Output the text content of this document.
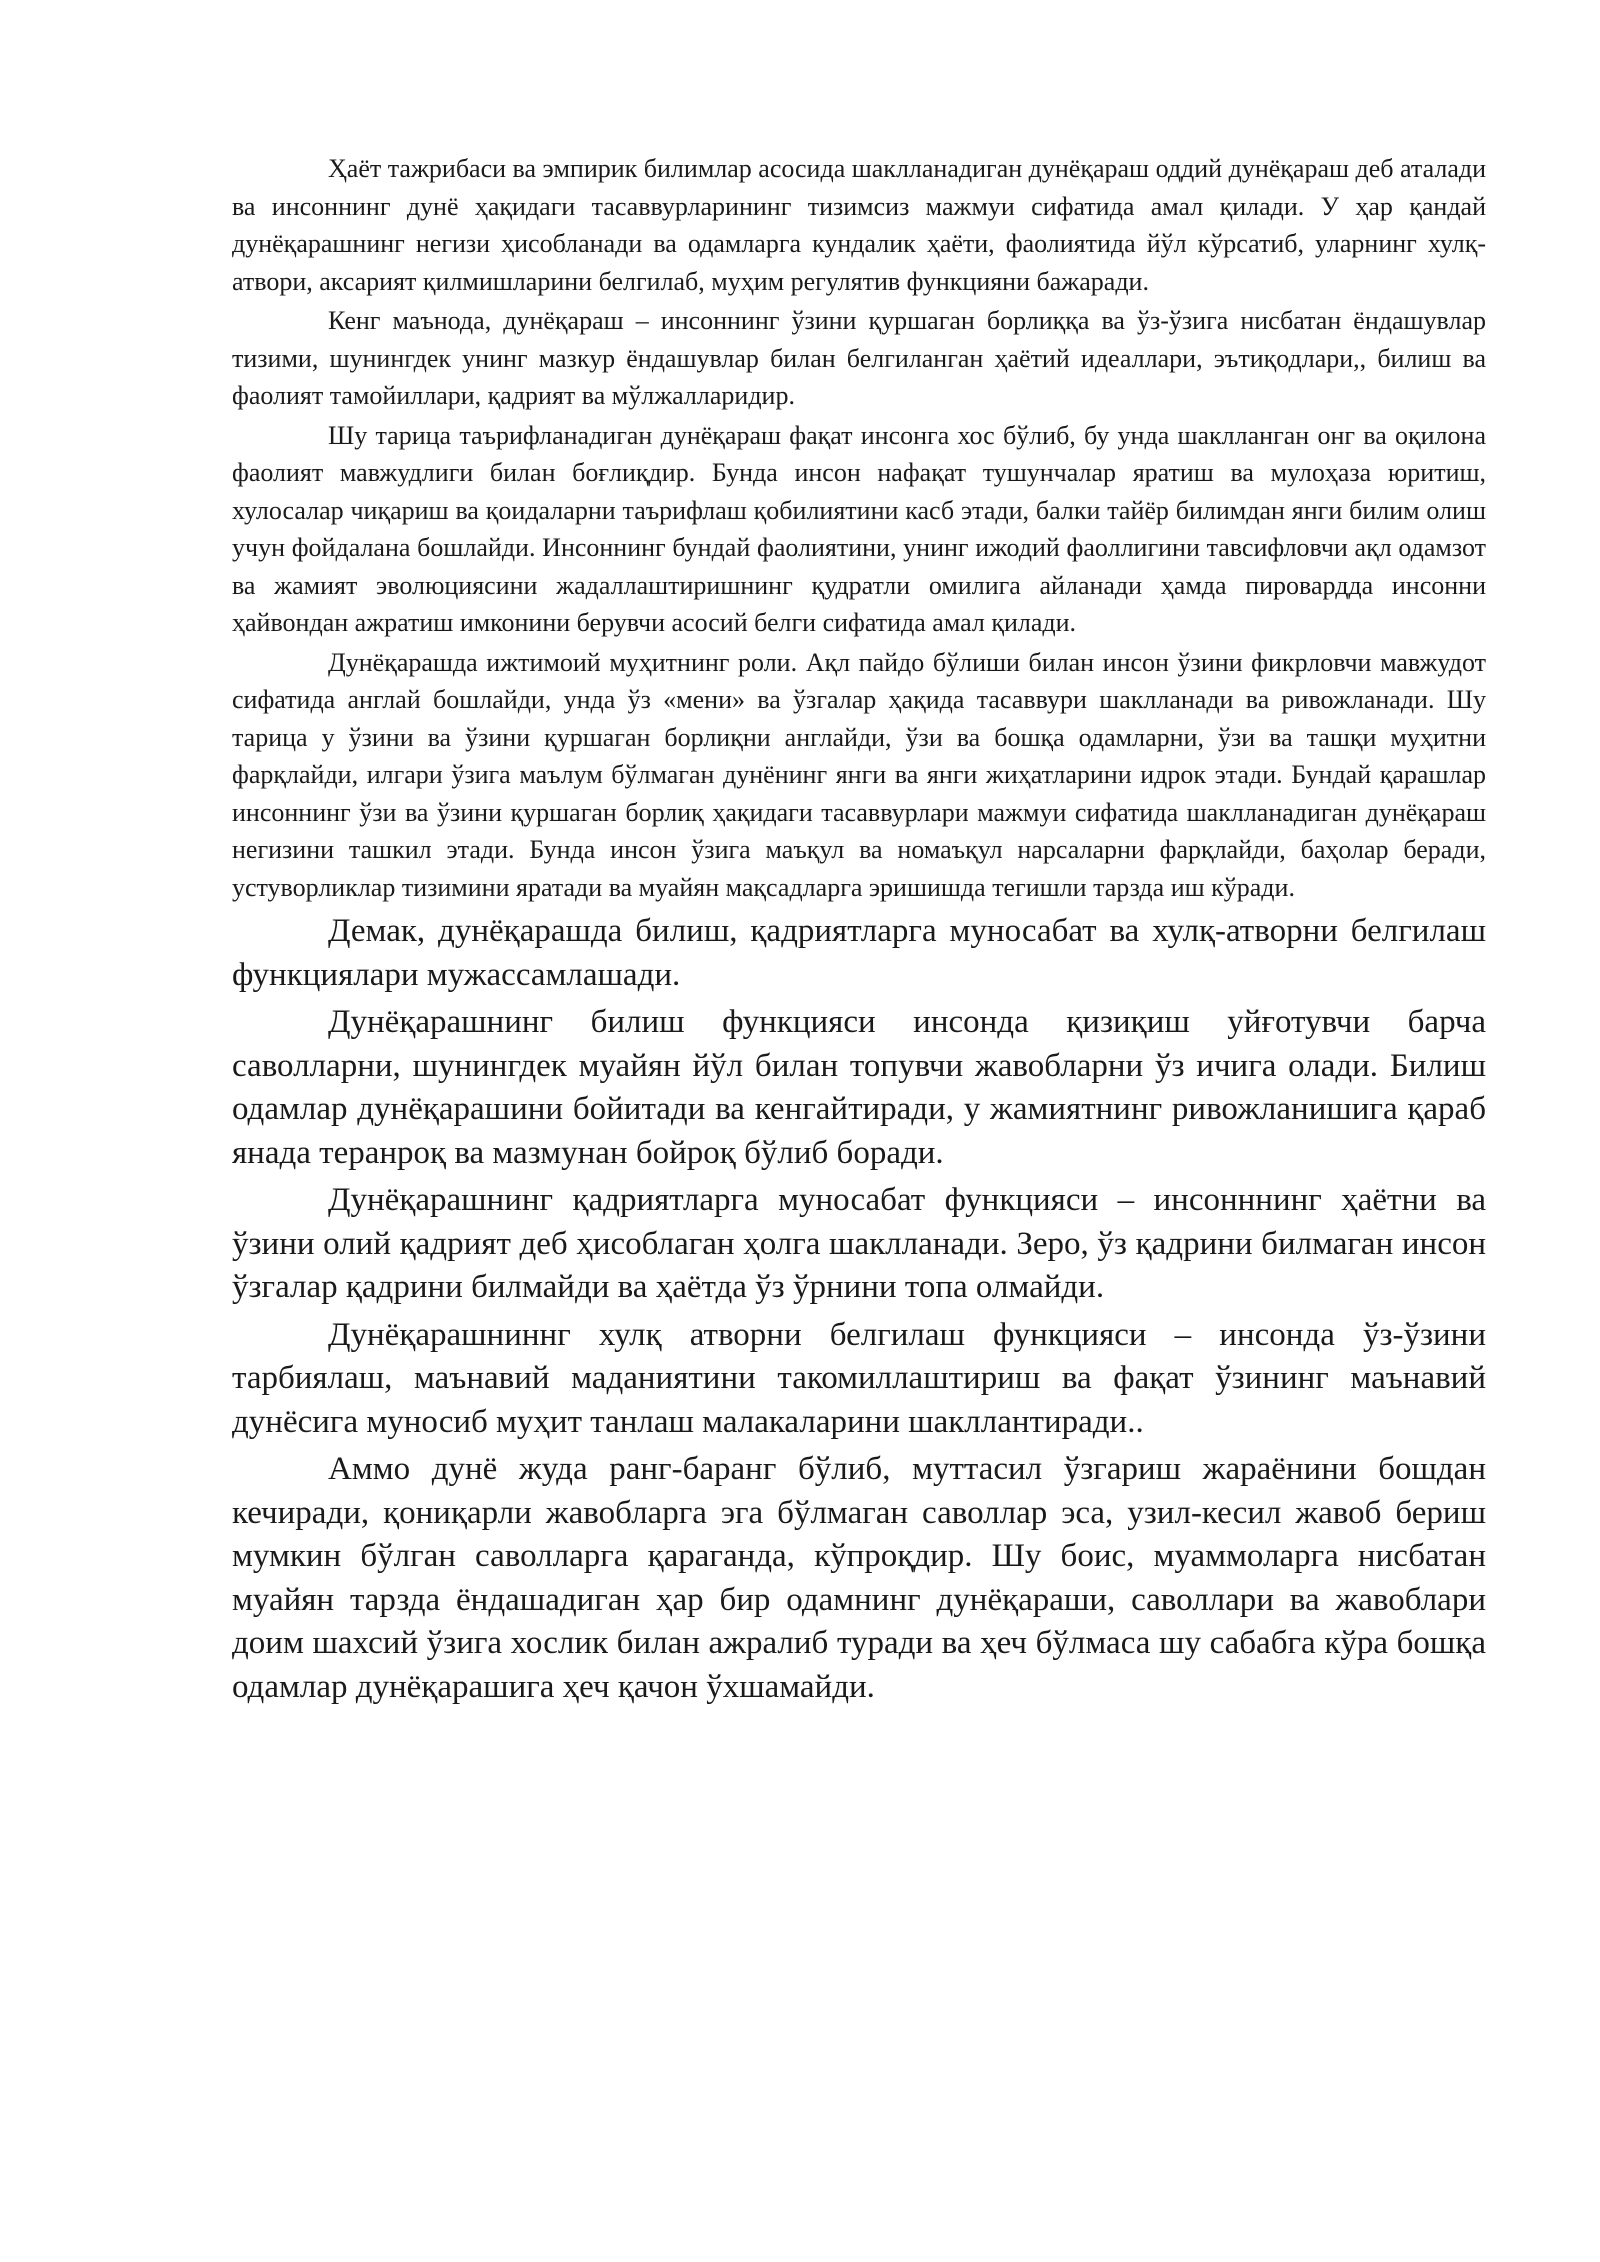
Ҳаёт тажрибаси ва эмпирик билимлар асосида шаклланадиган дунёқараш оддий дунёқараш деб аталади ва инсоннинг дунё ҳақидаги тасаввурларининг тизимсиз мажмуи сифатида амал қилади. У ҳар қандай дунёқарашнинг негизи ҳисобланади ва одамларга кундалик ҳаёти, фаолиятида йўл кўрсатиб, уларнинг хулқ-атвори, аксарият қилмишларини белгилаб, муҳим регулятив функцияни бажаради.

Кенг маънода, дунёқараш – инсоннинг ўзини қуршаган борлиққа ва ўз-ўзига нисбатан ёндашувлар тизими, шунингдек унинг мазкур ёндашувлар билан белгиланган ҳаётий идеаллари, эътиқодлари,, билиш ва фаолият тамойиллари, қадрият ва мўлжалларидир.

Шу тарица таърифланадиган дунёқараш фақат инсонга хос бўлиб, бу унда шаклланган онг ва оқилона фаолият мавжудлиги билан боғлиқдир. Бунда инсон нафақат тушунчалар яратиш ва мулоҳаза юритиш, хулосалар чиқариш ва қоидаларни таърифлаш қобилиятини касб этади, балки тайёр билимдан янги билим олиш учун фойдалана бошлайди. Инсоннинг бундай фаолиятини, унинг ижодий фаоллигини тавсифловчи ақл одамзот ва жамият эволюциясини жадаллаштиришнинг қудратли омилига айланади ҳамда пировардда инсонни ҳайвондан ажратиш имконини берувчи асосий белги сифатида амал қилади.

Дунёқарашда ижтимоий муҳитнинг роли. Ақл пайдо бўлиши билан инсон ўзини фикрловчи мавжудот сифатида англай бошлайди, унда ўз «мени» ва ўзгалар ҳақида тасаввури шаклланади ва ривожланади. Шу тарица у ўзини ва ўзини қуршаган борлиқни англайди, ўзи ва бошқа одамларни, ўзи ва ташқи муҳитни фарқлайди, илгари ўзига маълум бўлмаган дунёнинг янги ва янги жиҳатларини идрок этади. Бундай қарашлар инсоннинг ўзи ва ўзини қуршаган борлиқ ҳақидаги тасаввурлари мажмуи сифатида шаклланадиган дунёқараш негизини ташкил этади. Бунда инсон ўзига маъқул ва номаъқул нарсаларни фарқлайди, баҳолар беради, устуворликлар тизимини яратади ва муайян мақсадларга эришишда тегишли тарзда иш кўради.

Демак, дунёқарашда билиш, қадриятларга муносабат ва хулқ-атворни белгилаш функциялари мужассамлашади.

Дунёқарашнинг билиш функцияси инсонда қизиқиш уйғотувчи барча саволларни, шунингдек муайян йўл билан топувчи жавобларни ўз ичига олади. Билиш одамлар дунёқарашини бойитади ва кенгайтиради, у жамиятнинг ривожланишига қараб янада теранроқ ва мазмунан бойроқ бўлиб боради.

Дунёқарашнинг қадриятларга муносабат функцияси – инсонннинг ҳаётни ва ўзини олий қадрият деб ҳисоблаган ҳолга шаклланади. Зеро, ўз қадрини билмаган инсон ўзгалар қадрини билмайди ва ҳаётда ўз ўрнини топа олмайди.

Дунёқарашниннг хулқ атворни белгилаш функцияси – инсонда ўз-ўзини тарбиялаш, маънавий маданиятини такомиллаштириш ва фақат ўзининг маънавий дунёсига муносиб муҳит танлаш малакаларини шакллантиради..

Аммо дунё жуда ранг-баранг бўлиб, муттасил ўзгариш жараёнини бошдан кечиради, қониқарли жавобларга эга бўлмаган саволлар эса, узил-кесил жавоб бериш мумкин бўлган саволларга қараганда, кўпроқдир. Шу боис, муаммоларга нисбатан муайян тарзда ёндашадиган ҳар бир одамнинг дунёқараши, саволлари ва жавоблари доим шахсий ўзига хослик билан ажралиб туради ва ҳеч бўлмаса шу сабабга кўра бошқа одамлар дунёқарашига ҳеч қачон ўхшамайди.
